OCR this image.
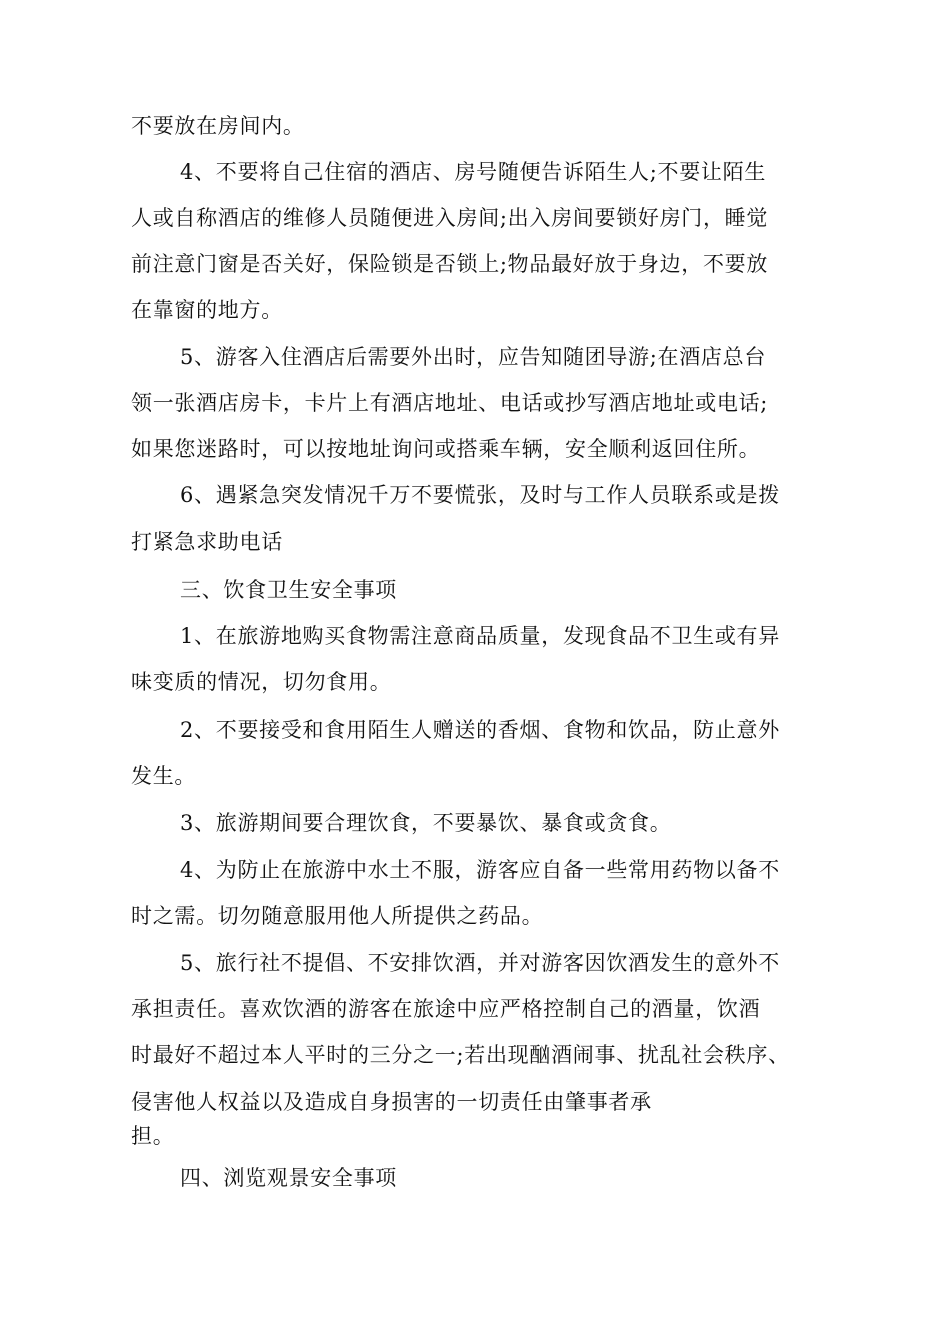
不要放在房间内。
4、不要将自己住宿的酒店、房号随便告诉陌生人;不要让陌生
人或自称酒店的维修人员随便进入房间;出入房间要锁好房门，睡觉
前注意门窗是否关好，保险锁是否锁上;物品最好放于身边，不要放
在靠窗的地方。
5、游客入住酒店后需要外出时，应告知随团导游;在酒店总台
领一张酒店房卡，卡片上有酒店地址、电话或抄写酒店地址或电话;
如果您迷路时，可以按地址询问或搭乘车辆，安全顺利返回住所。
6、遇紧急突发情况千万不要慌张，及时与工作人员联系或是拨
打紧急求助电话
三、饮食卫生安全事项
1、在旅游地购买食物需注意商品质量，发现食品不卫生或有异
味变质的情况，切勿食用。
2、不要接受和食用陌生人赠送的香烟、食物和饮品，防止意外
发生。
3、旅游期间要合理饮食，不要暴饮、暴食或贪食。
4、为防止在旅游中水土不服，游客应自备一些常用药物以备不
时之需。切勿随意服用他人所提供之药品。
5、旅行社不提倡、不安排饮酒，并对游客因饮酒发生的意外不
承担责任。喜欢饮酒的游客在旅途中应严格控制自己的酒量，饮酒
时最好不超过本人平时的三分之一;若出现酗酒闹事、扰乱社会秩序、
侵害他人权益以及造成自身损害的一切责任由肇事者承
担。
四、浏览观景安全事项
